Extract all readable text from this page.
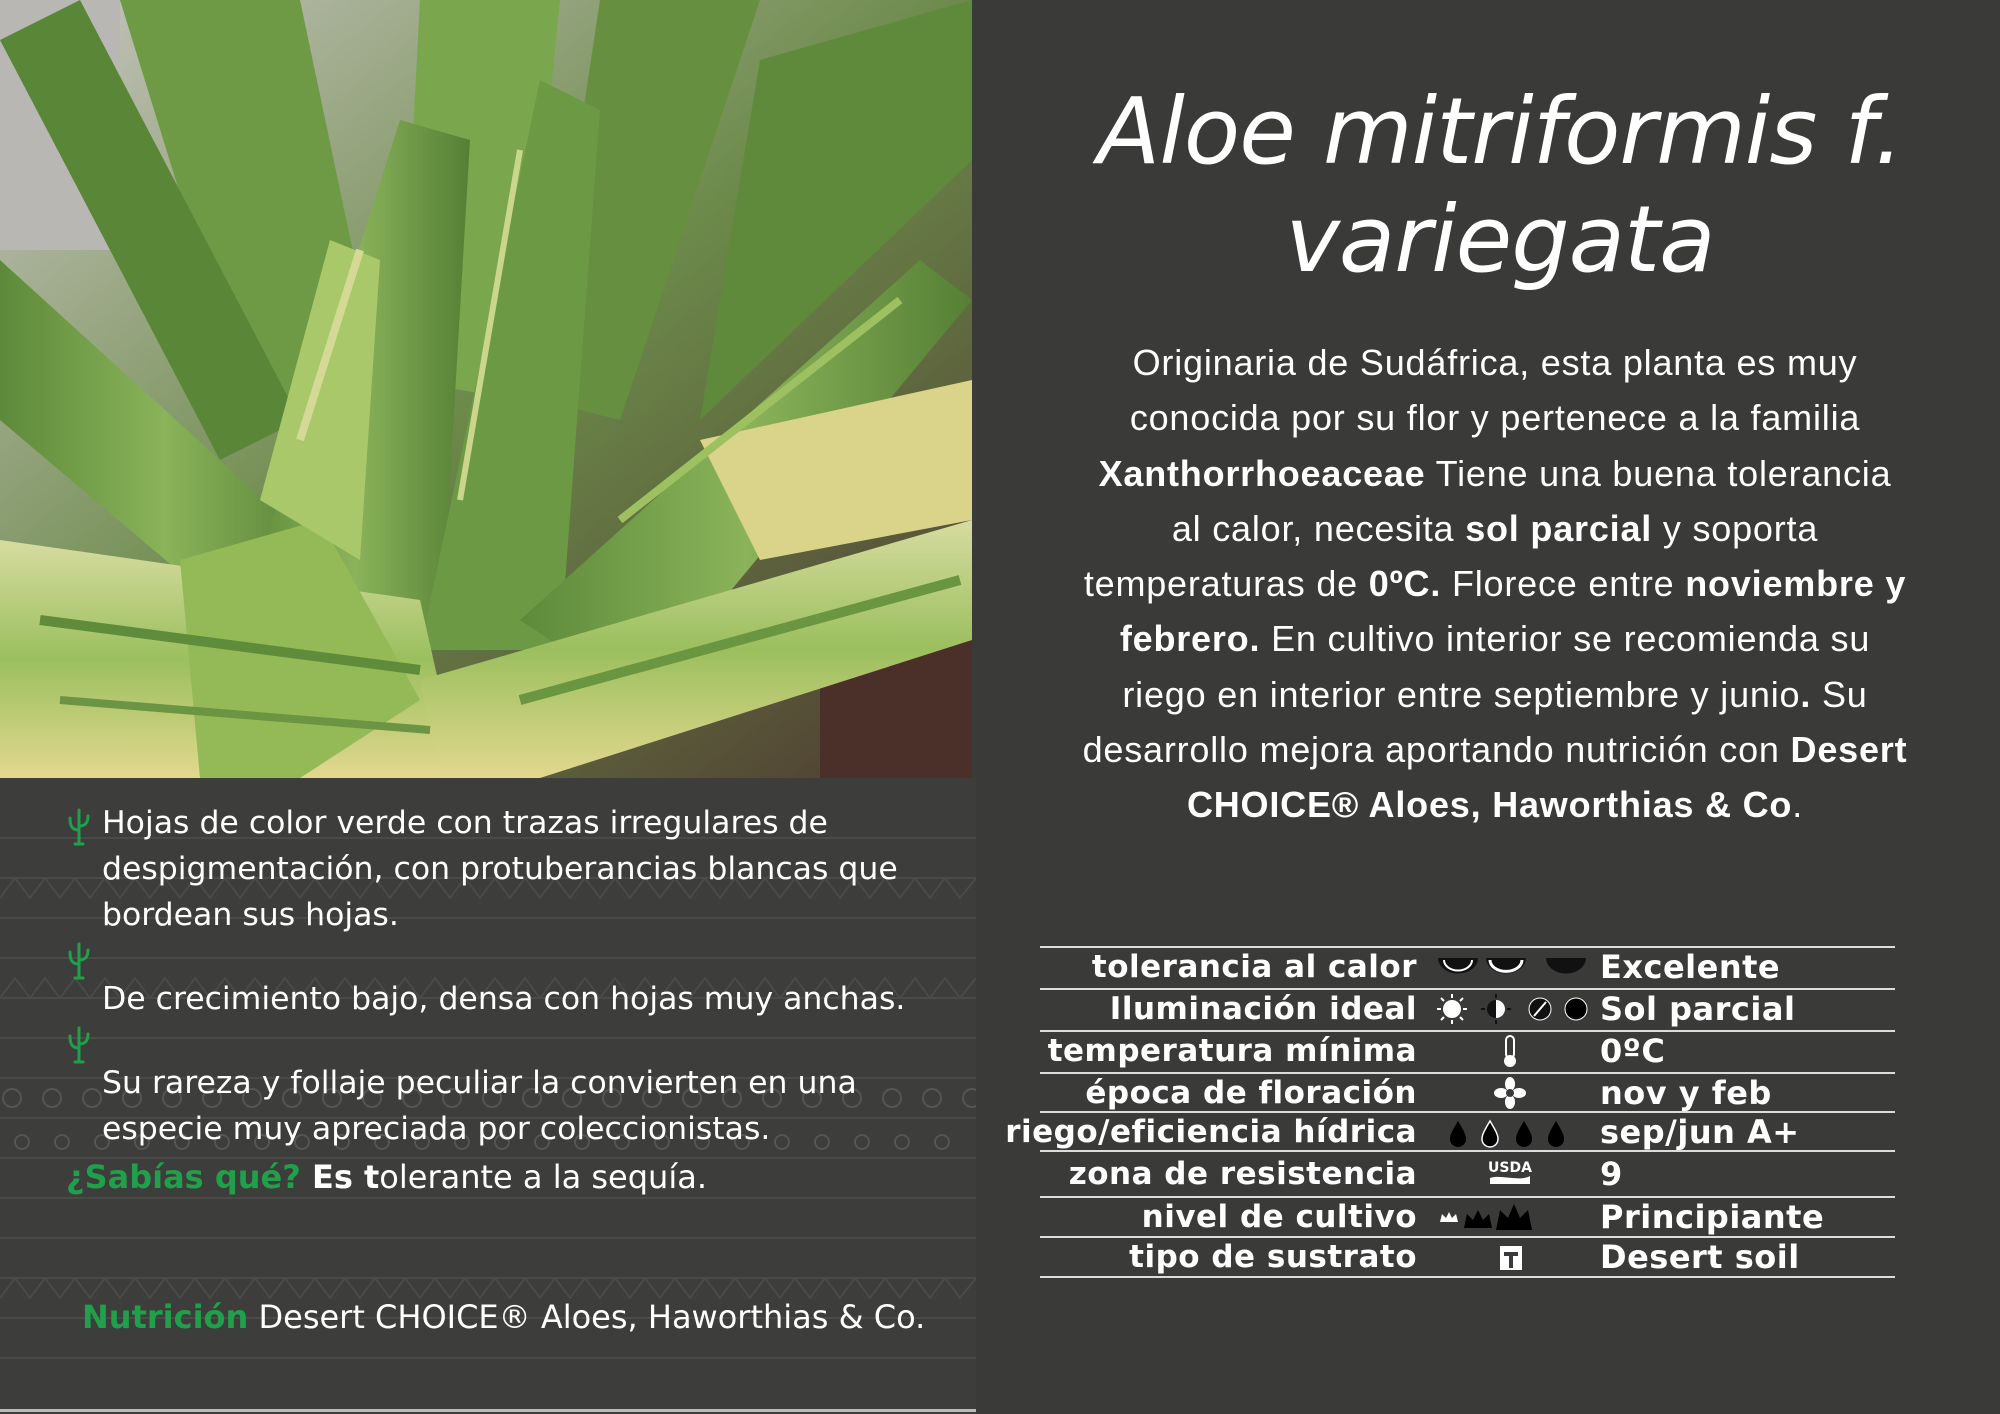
Hojas de color verde con trazas irregulares de despigmentación, con protuberancias blancas que bordean sus hojas.
De crecimiento bajo, densa con hojas muy anchas.
Su rareza y follaje peculiar la convierten en una especie muy apreciada por coleccionistas.
¿Sabías qué? Es tolerante a la sequía.
Nutrición Desert CHOICE® Aloes, Haworthias & Co.
Aloe mitriformis f. variegata
Originaria de Sudáfrica, esta planta es muy conocida por su flor y pertenece a la familia Xanthorrhoeaceae Tiene una buena tolerancia al calor, necesita sol parcial y soporta temperaturas de 0ºC. Florece entre noviembre y febrero. En cultivo interior se recomienda su riego en interior entre septiembre y junio. Su desarrollo mejora aportando nutrición con Desert CHOICE® Aloes, Haworthias & Co.
tolerancia al calor	Excelente
Iluminación ideal	Sol parcial
temperatura mínima	0ºC
época de floración	nov y feb
riego/eficiencia hídrica	sep/jun A+
zona de resistencia	USDA 9
nivel de cultivo	Principiante
tipo de sustrato	Desert soil
